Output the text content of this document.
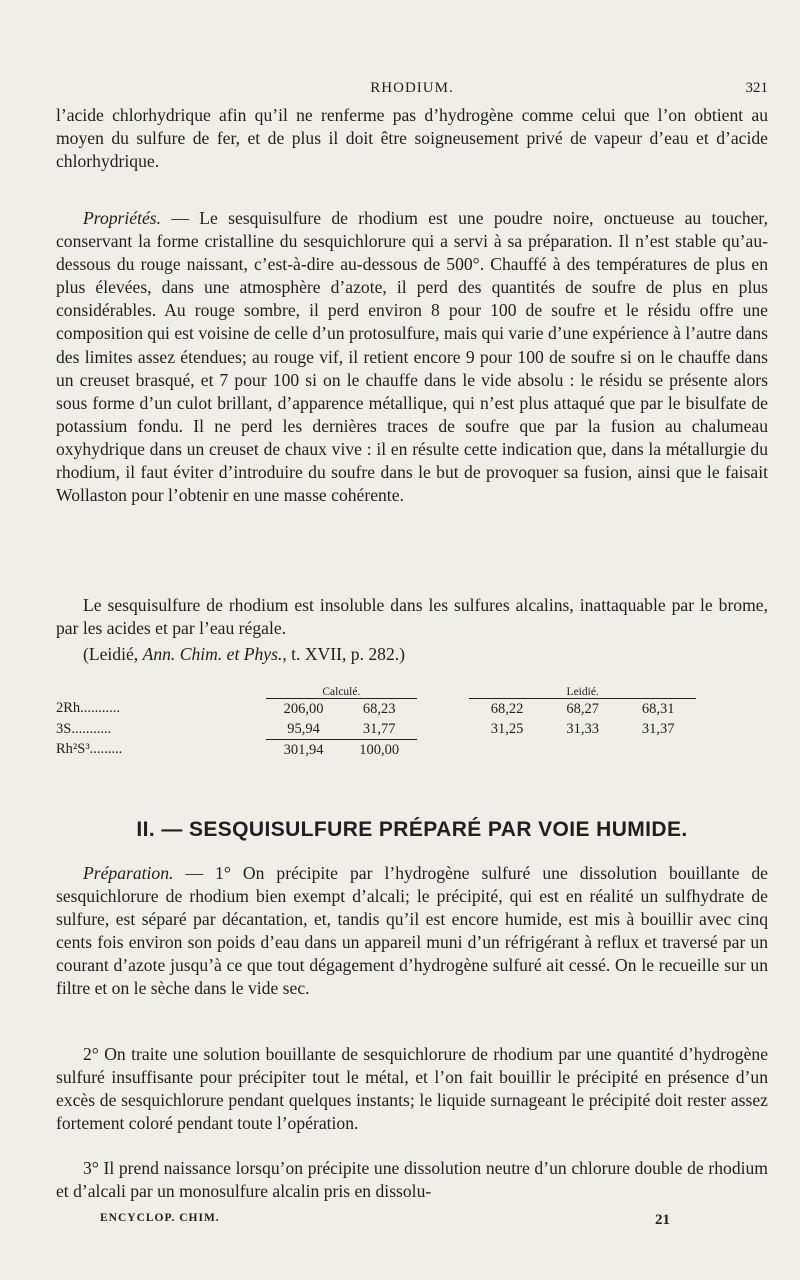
RHODIUM.	321

l’acide chlorhydrique afin qu’il ne renferme pas d’hydrogène comme celui que l’on obtient au moyen du sulfure de fer, et de plus il doit être soigneusement privé de vapeur d’eau et d’acide chlorhydrique.

Propriétés. — Le sesquisulfure de rhodium est une poudre noire, onctueuse au toucher, conservant la forme cristalline du sesquichlorure qui a servi à sa préparation. Il n’est stable qu’au-dessous du rouge naissant, c’est-à-dire au-dessous de 500°. Chauffé à des températures de plus en plus élevées, dans une atmosphère d’azote, il perd des quantités de soufre de plus en plus considérables. Au rouge sombre, il perd environ 8 pour 100 de soufre et le résidu offre une composition qui est voisine de celle d’un protosulfure, mais qui varie d’une expérience à l’autre dans des limites assez étendues; au rouge vif, il retient encore 9 pour 100 de soufre si on le chauffe dans un creuset brasqué, et 7 pour 100 si on le chauffe dans le vide absolu : le résidu se présente alors sous forme d’un culot brillant, d’apparence métallique, qui n’est plus attaqué que par le bisulfate de potassium fondu. Il ne perd les dernières traces de soufre que par la fusion au chalumeau oxyhydrique dans un creuset de chaux vive : il en résulte cette indication que, dans la métallurgie du rhodium, il faut éviter d’introduire du soufre dans le but de provoquer sa fusion, ainsi que le faisait Wollaston pour l’obtenir en une masse cohérente.

Le sesquisulfure de rhodium est insoluble dans les sulfures alcalins, inattaquable par le brome, par les acides et par l’eau régale.

(Leidié, Ann. Chim. et Phys., t. XVII, p. 282.)

	Calculé.			Leidié.		
2Rh...........	206,00	68,23		68,22	68,27	68,31
3S...........	95,94	31,77		31,25	31,33	31,37
Rh²S³.........	301,94	100,00				
II. — SESQUISULFURE PRÉPARÉ PAR VOIE HUMIDE.

Préparation. — 1° On précipite par l’hydrogène sulfuré une dissolution bouillante de sesquichlorure de rhodium bien exempt d’alcali; le précipité, qui est en réalité un sulfhydrate de sulfure, est séparé par décantation, et, tandis qu’il est encore humide, est mis à bouillir avec cinq cents fois environ son poids d’eau dans un appareil muni d’un réfrigérant à reflux et traversé par un courant d’azote jusqu’à ce que tout dégagement d’hydrogène sulfuré ait cessé. On le recueille sur un filtre et on le sèche dans le vide sec.

2° On traite une solution bouillante de sesquichlorure de rhodium par une quantité d’hydrogène sulfuré insuffisante pour précipiter tout le métal, et l’on fait bouillir le précipité en présence d’un excès de sesquichlorure pendant quelques instants; le liquide surnageant le précipité doit rester assez fortement coloré pendant toute l’opération.

3° Il prend naissance lorsqu’on précipite une dissolution neutre d’un chlorure double de rhodium et d’alcali par un monosulfure alcalin pris en dissolu-

ENCYCLOP. CHIM.	21
